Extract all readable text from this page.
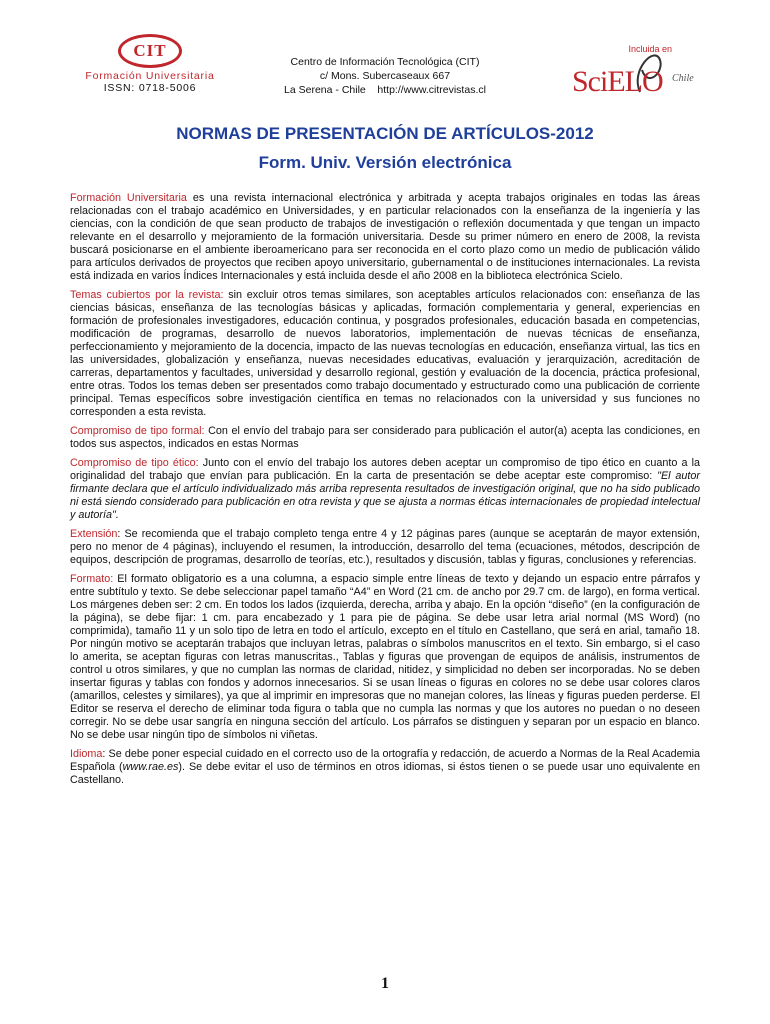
CIT
Formación Universitaria
ISSN: 0718-5006
Centro de Información Tecnológica (CIT)
c/ Mons. Subercaseaux 667
La Serena - Chile    http://www.citrevistas.cl
Incluida en
SciELO Chile
NORMAS DE PRESENTACIÓN DE ARTÍCULOS-2012
Form. Univ. Versión electrónica

Formación Universitaria es una revista internacional electrónica y arbitrada y acepta trabajos originales en todas las áreas relacionadas con el trabajo académico en Universidades, y en particular relacionados con la enseñanza de la ingeniería y las ciencias, con la condición de que sean producto de trabajos de investigación o reflexión documentada y que tengan un impacto relevante en el desarrollo y mejoramiento de la formación universitaria. Desde su primer número en enero de 2008, la revista buscará posicionarse en el ambiente iberoamericano para ser reconocida en el corto plazo como un medio de publicación válido para artículos derivados de proyectos que reciben apoyo universitario, gubernamental o de instituciones internacionales. La revista está indizada en varios Índices Internacionales y está incluida desde el año 2008 en la biblioteca electrónica Scielo.

Temas cubiertos por la revista: sin excluir otros temas similares, son aceptables artículos relacionados con: enseñanza de las ciencias básicas, enseñanza de las tecnologías básicas y aplicadas, formación complementaria y general, experiencias en formación de profesionales investigadores, educación continua, y posgrados profesionales, educación basada en competencias, modificación de programas, desarrollo de nuevos laboratorios, implementación de nuevas técnicas de enseñanza, perfeccionamiento y mejoramiento de la docencia, impacto de las nuevas tecnologías en educación, enseñanza virtual, las tics en las universidades, globalización y enseñanza, nuevas necesidades educativas, evaluación y jerarquización, acreditación de carreras, departamentos y facultades, universidad y desarrollo regional, gestión y evaluación de la docencia, práctica profesional, entre otras. Todos los temas deben ser presentados como trabajo documentado y estructurado como una publicación de corriente principal. Temas específicos sobre investigación científica en temas no relacionados con la universidad y sus funciones no corresponden a esta revista.

Compromiso de tipo formal: Con el envío del trabajo para ser considerado para publicación el autor(a) acepta las condiciones, en todos sus aspectos, indicados en estas Normas

Compromiso de tipo ético: Junto con el envío del trabajo los autores deben aceptar un compromiso de tipo ético en cuanto a la originalidad del trabajo que envían para publicación. En la carta de presentación se debe aceptar este compromiso: "El autor firmante declara que el artículo individualizado más arriba representa resultados de investigación original, que no ha sido publicado ni está siendo considerado para publicación en otra revista y que se ajusta a normas éticas internacionales de propiedad intelectual y autoría".

Extensión: Se recomienda que el trabajo completo tenga entre 4 y 12 páginas pares (aunque se aceptarán de mayor extensión, pero no menor de 4 páginas), incluyendo el resumen, la introducción, desarrollo del tema (ecuaciones, métodos, descripción de equipos, descripción de programas, desarrollo de teorías, etc.), resultados y discusión, tablas y figuras, conclusiones y referencias.

Formato: El formato obligatorio es a una columna, a espacio simple entre líneas de texto y dejando un espacio entre párrafos y entre subtítulo y texto. Se debe seleccionar papel tamaño “A4” en Word (21 cm. de ancho por 29.7 cm. de largo), en forma vertical. Los márgenes deben ser: 2 cm. En todos los lados (izquierda, derecha, arriba y abajo. En la opción “diseño” (en la configuración de la página), se debe fijar: 1 cm. para encabezado y 1 para pie de página. Se debe usar letra arial normal (MS Word) (no comprimida), tamaño 11 y un solo tipo de letra en todo el artículo, excepto en el título en Castellano, que será en arial, tamaño 18. Por ningún motivo se aceptarán trabajos que incluyan letras, palabras o símbolos manuscritos en el texto. Sin embargo, si el caso lo amerita, se aceptan figuras con letras manuscritas., Tablas y figuras que provengan de equipos de análisis, instrumentos de control u otros similares, y que no cumplan las normas de claridad, nitidez, y simplicidad no deben ser incorporadas. No se deben insertar figuras y tablas con fondos y adornos innecesarios. Si se usan líneas o figuras en colores no se debe usar colores claros (amarillos, celestes y similares), ya que al imprimir en impresoras que no manejan colores, las líneas y figuras pueden perderse. El Editor se reserva el derecho de eliminar toda figura o tabla que no cumpla las normas y que los autores no puedan o no deseen corregir. No se debe usar sangría en ninguna sección del artículo. Los párrafos se distinguen y separan por un espacio en blanco. No se debe usar ningún tipo de símbolos ni viñetas.

Idioma: Se debe poner especial cuidado en el correcto uso de la ortografía y redacción, de acuerdo a Normas de la Real Academia Española (www.rae.es). Se debe evitar el uso de términos en otros idiomas, si éstos tienen o se puede usar uno equivalente en Castellano.

1
